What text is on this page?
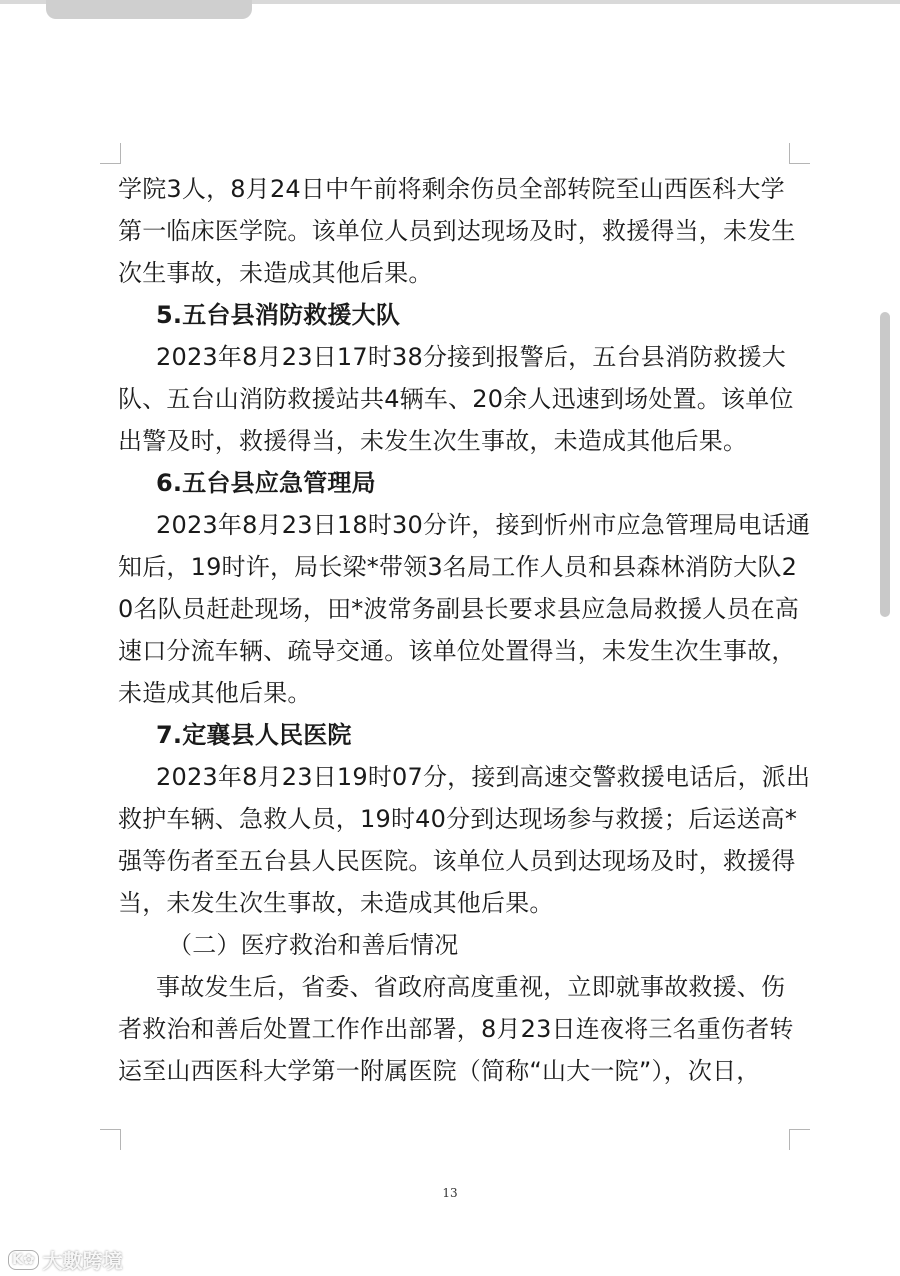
学院3人，8月24日中午前将剩余伤员全部转院至山西医科大学
第一临床医学院。该单位人员到达现场及时，救援得当，未发生
次生事故，未造成其他后果。
5.五台县消防救援大队
2023年8月23日17时38分接到报警后，五台县消防救援大
队、五台山消防救援站共4辆车、20余人迅速到场处置。该单位
出警及时，救援得当，未发生次生事故，未造成其他后果。
6.五台县应急管理局
2023年8月23日18时30分许，接到忻州市应急管理局电话通
知后，19时许，局长梁*带领3名局工作人员和县森林消防大队2
0名队员赶赴现场，田*波常务副县长要求县应急局救援人员在高
速口分流车辆、疏导交通。该单位处置得当，未发生次生事故，
未造成其他后果。
7.定襄县人民医院
2023年8月23日19时07分，接到高速交警救援电话后，派出
救护车辆、急救人员，19时40分到达现场参与救援；后运送高*
强等伤者至五台县人民医院。该单位人员到达现场及时，救援得
当，未发生次生事故，未造成其他后果。
（二）医疗救治和善后情况
事故发生后，省委、省政府高度重视，立即就事故救援、伤
者救治和善后处置工作作出部署，8月23日连夜将三名重伤者转
运至山西医科大学第一附属医院（简称“山大一院”），次日，
13
K✿ 大數跨境
